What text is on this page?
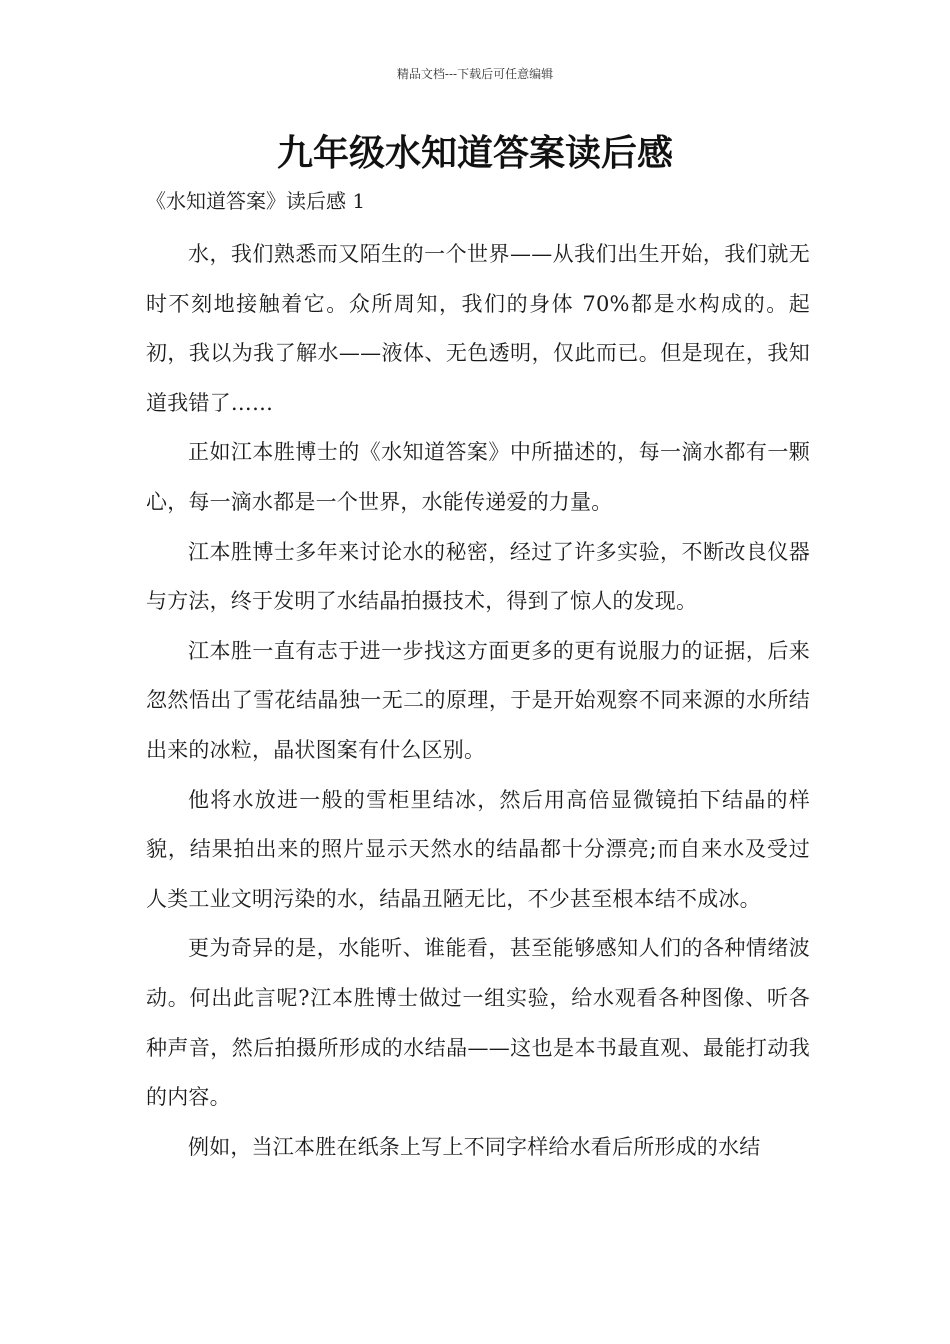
精品文档---下载后可任意编辑
九年级水知道答案读后感

《水知道答案》读后感 1

水，我们熟悉而又陌生的一个世界——从我们出生开始，我们就无时不刻地接触着它。众所周知，我们的身体 70%都是水构成的。起初，我以为我了解水——液体、无色透明，仅此而已。但是现在，我知道我错了……

正如江本胜博士的《水知道答案》中所描述的，每一滴水都有一颗心，每一滴水都是一个世界，水能传递爱的力量。

江本胜博士多年来讨论水的秘密，经过了许多实验，不断改良仪器与方法，终于发明了水结晶拍摄技术，得到了惊人的发现。

江本胜一直有志于进一步找这方面更多的更有说服力的证据，后来忽然悟出了雪花结晶独一无二的原理，于是开始观察不同来源的水所结出来的冰粒，晶状图案有什么区别。

他将水放进一般的雪柜里结冰，然后用高倍显微镜拍下结晶的样貌，结果拍出来的照片显示天然水的结晶都十分漂亮;而自来水及受过人类工业文明污染的水，结晶丑陋无比，不少甚至根本结不成冰。

更为奇异的是，水能听、谁能看，甚至能够感知人们的各种情绪波动。何出此言呢?江本胜博士做过一组实验，给水观看各种图像、听各种声音，然后拍摄所形成的水结晶——这也是本书最直观、最能打动我的内容。

例如，当江本胜在纸条上写上不同字样给水看后所形成的水结
